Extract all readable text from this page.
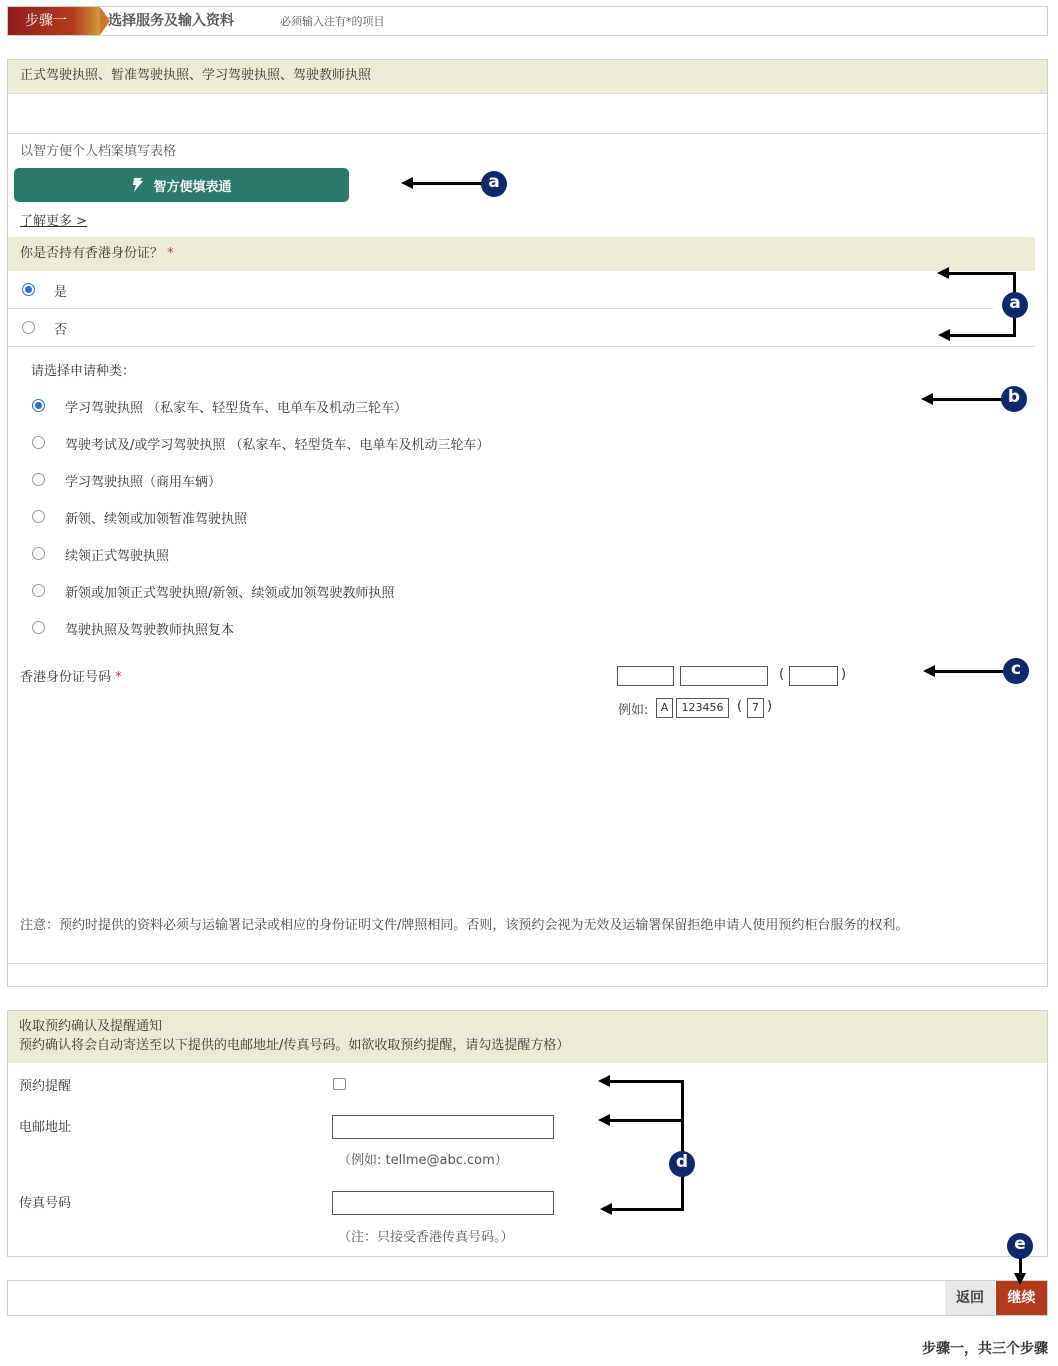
步骤一	选择服务及输入资料	必须输入注有*的项目
正式驾驶执照、暂准驾驶执照、学习驾驶执照、驾驶教师执照
以智方便个人档案填写表格
智方便填表通
了解更多 >
你是否持有香港身份证？ *
是
否
请选择申请种类：
学习驾驶执照 （私家车、轻型货车、电单车及机动三轮车）
驾驶考试及/或学习驾驶执照 （私家车、轻型货车、电单车及机动三轮车）
学习驾驶执照（商用车辆）
新领、续领或加领暂准驾驶执照
续领正式驾驶执照
新领或加领正式驾驶执照/新领、续领或加领驾驶教师执照
驾驶执照及驾驶教师执照复本
香港身份证号码 *	(	)
例如:	A	123456	( 7 )
注意：预约时提供的资料必须与运输署记录或相应的身份证明文件/牌照相同。否则，该预约会视为无效及运输署保留拒绝申请人使用预约柜台服务的权利。
收取预约确认及提醒通知
预约确认将会自动寄送至以下提供的电邮地址/传真号码。如欲收取预约提醒，请勾选提醒方格）
预约提醒
电邮地址
（例如: tellme@abc.com）
传真号码
（注：只接受香港传真号码。）
返回	继续
步骤一，共三个步骤
a
a
b
c
d
e
